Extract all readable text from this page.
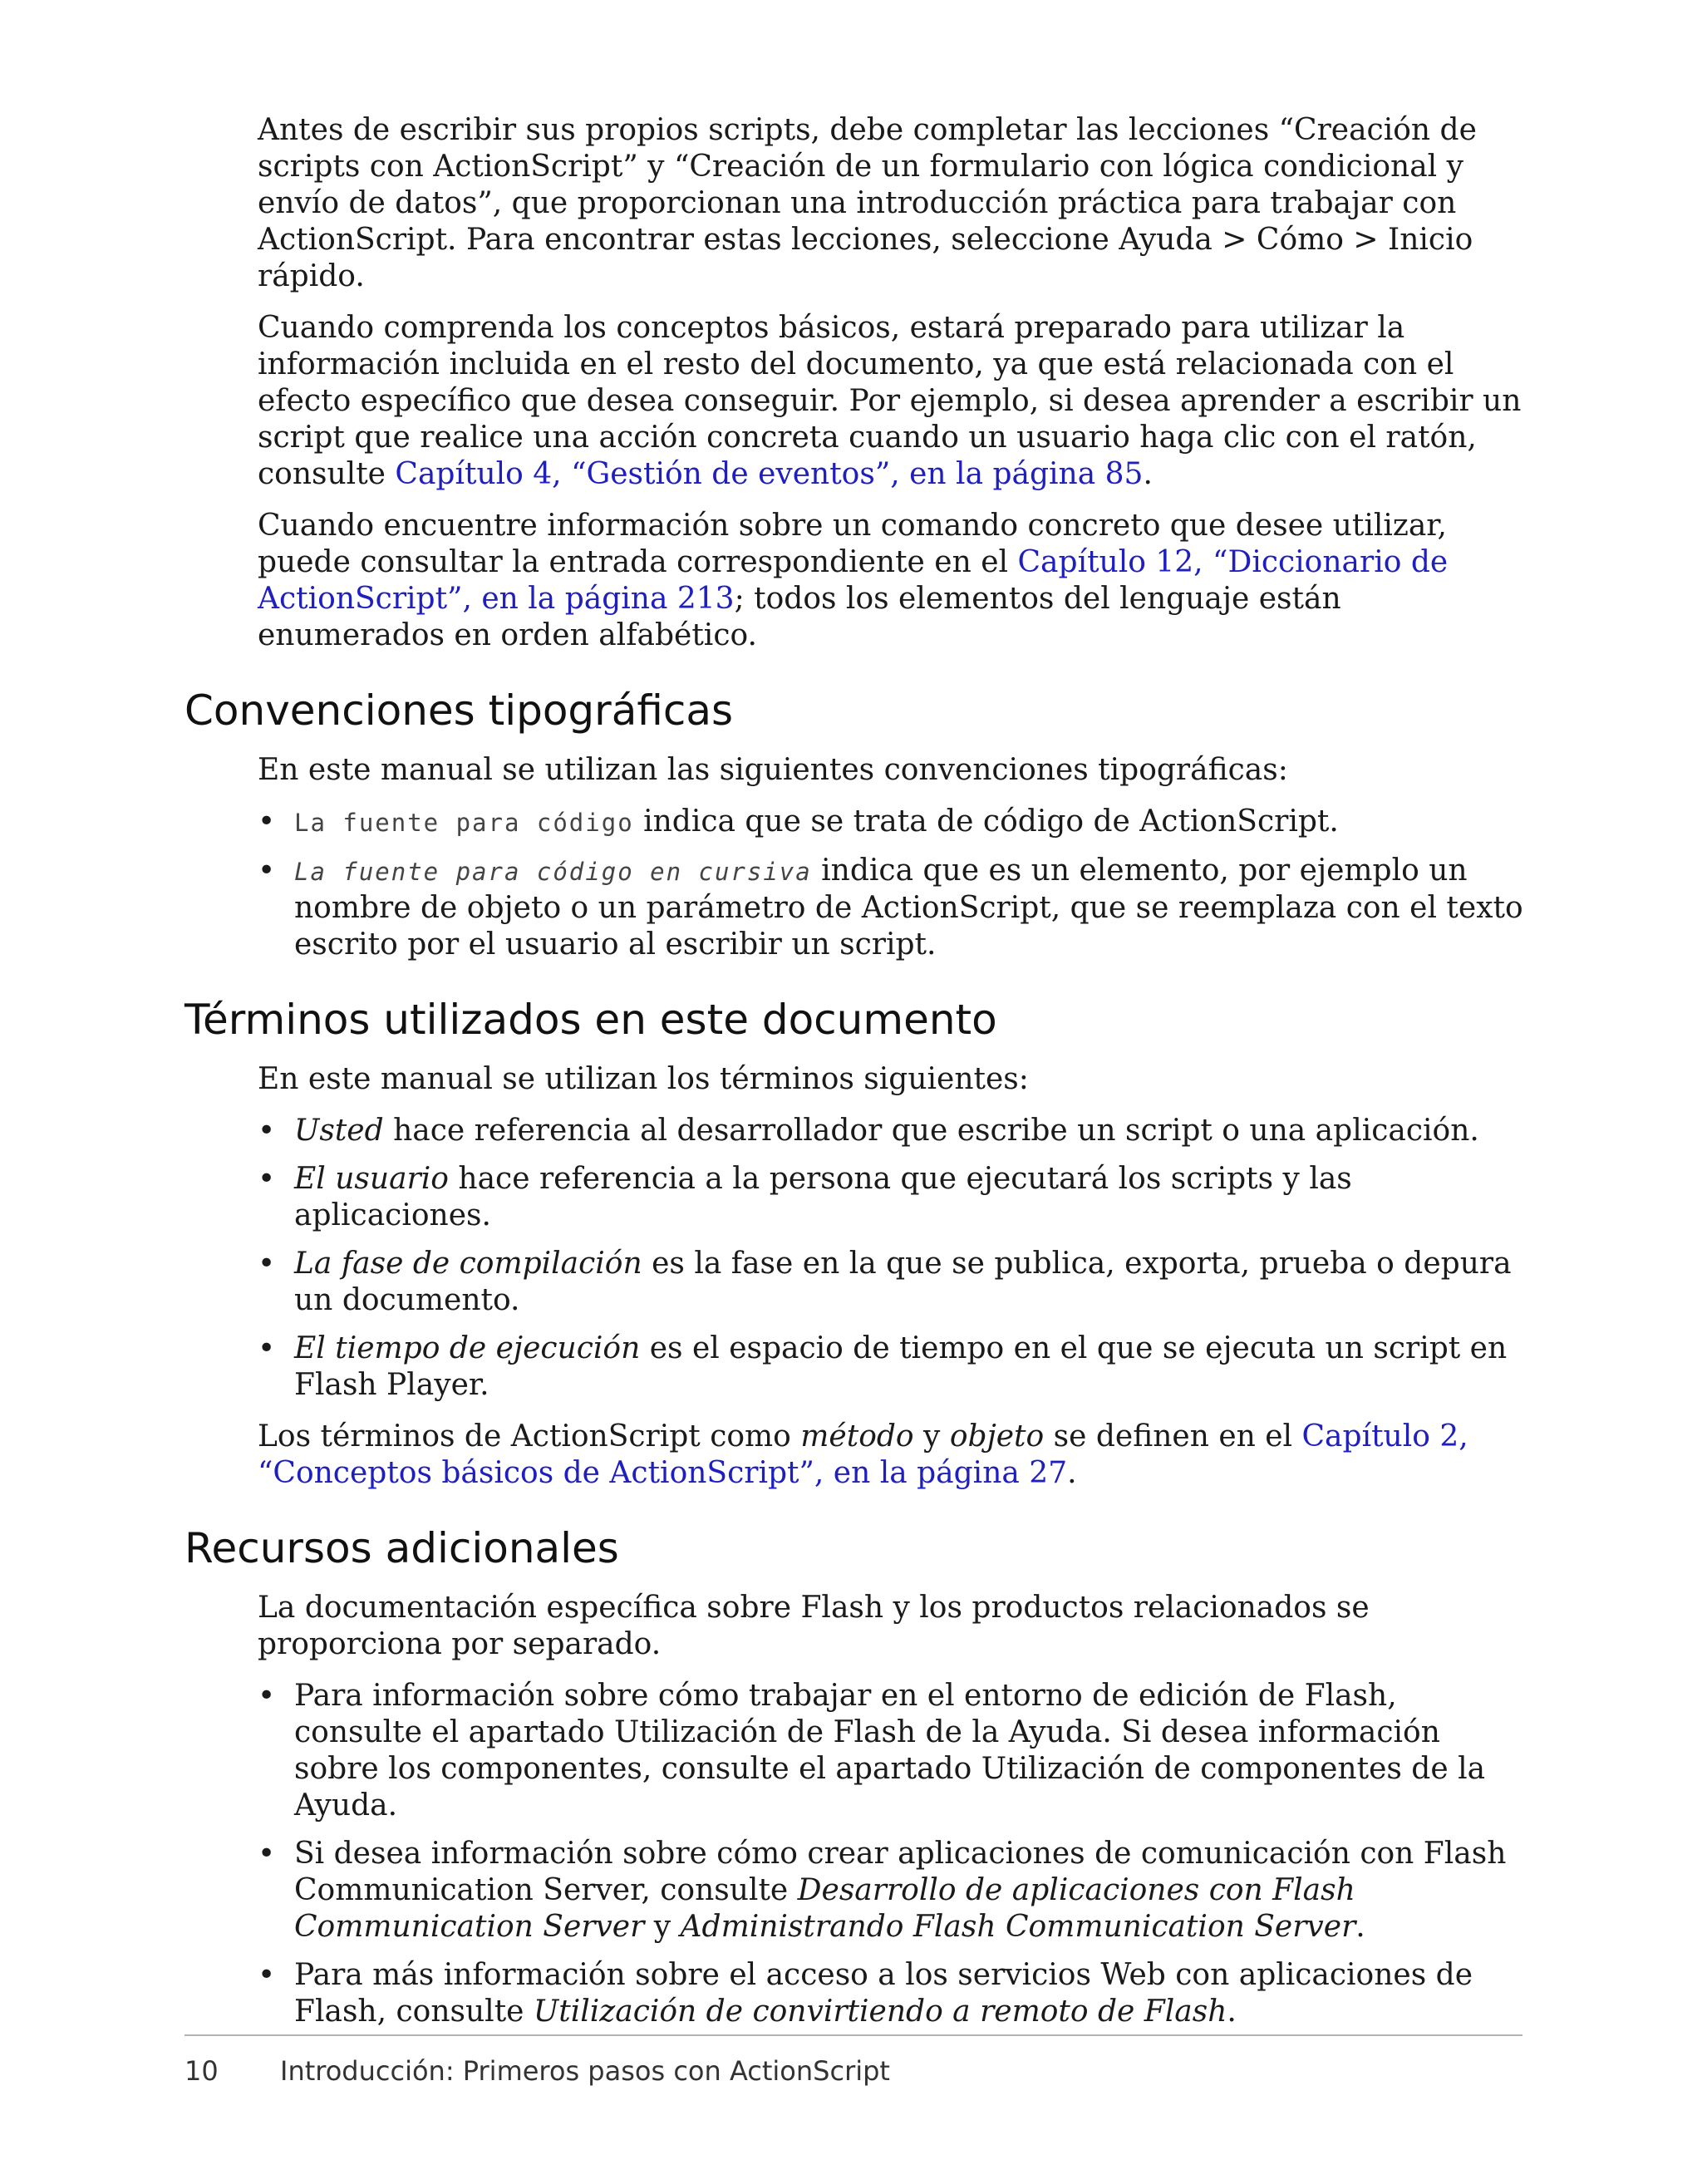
Antes de escribir sus propios scripts, debe completar las lecciones “Creación de scripts con ActionScript” y “Creación de un formulario con lógica condicional y envío de datos”, que proporcionan una introducción práctica para trabajar con ActionScript. Para encontrar estas lecciones, seleccione Ayuda > Cómo > Inicio rápido.

Cuando comprenda los conceptos básicos, estará preparado para utilizar la información incluida en el resto del documento, ya que está relacionada con el efecto específico que desea conseguir. Por ejemplo, si desea aprender a escribir un script que realice una acción concreta cuando un usuario haga clic con el ratón, consulte Capítulo 4, “Gestión de eventos”, en la página 85.

Cuando encuentre información sobre un comando concreto que desee utilizar, puede consultar la entrada correspondiente en el Capítulo 12, “Diccionario de ActionScript”, en la página 213; todos los elementos del lenguaje están enumerados en orden alfabético.

Convenciones tipográficas

En este manual se utilizan las siguientes convenciones tipográficas:

• La fuente para código indica que se trata de código de ActionScript.
• La fuente para código en cursiva indica que es un elemento, por ejemplo un nombre de objeto o un parámetro de ActionScript, que se reemplaza con el texto escrito por el usuario al escribir un script.
Términos utilizados en este documento

En este manual se utilizan los términos siguientes:

• Usted hace referencia al desarrollador que escribe un script o una aplicación.
• El usuario hace referencia a la persona que ejecutará los scripts y las aplicaciones.
• La fase de compilación es la fase en la que se publica, exporta, prueba o depura un documento.
• El tiempo de ejecución es el espacio de tiempo en el que se ejecuta un script en Flash Player.

Los términos de ActionScript como método y objeto se definen en el Capítulo 2, “Conceptos básicos de ActionScript”, en la página 27.

Recursos adicionales

La documentación específica sobre Flash y los productos relacionados se proporciona por separado.

• Para información sobre cómo trabajar en el entorno de edición de Flash, consulte el apartado Utilización de Flash de la Ayuda. Si desea información sobre los componentes, consulte el apartado Utilización de componentes de la Ayuda.
• Si desea información sobre cómo crear aplicaciones de comunicación con Flash Communication Server, consulte Desarrollo de aplicaciones con Flash Communication Server y Administrando Flash Communication Server.
• Para más información sobre el acceso a los servicios Web con aplicaciones de Flash, consulte Utilización de convirtiendo a remoto de Flash.
10 Introducción: Primeros pasos con ActionScript
